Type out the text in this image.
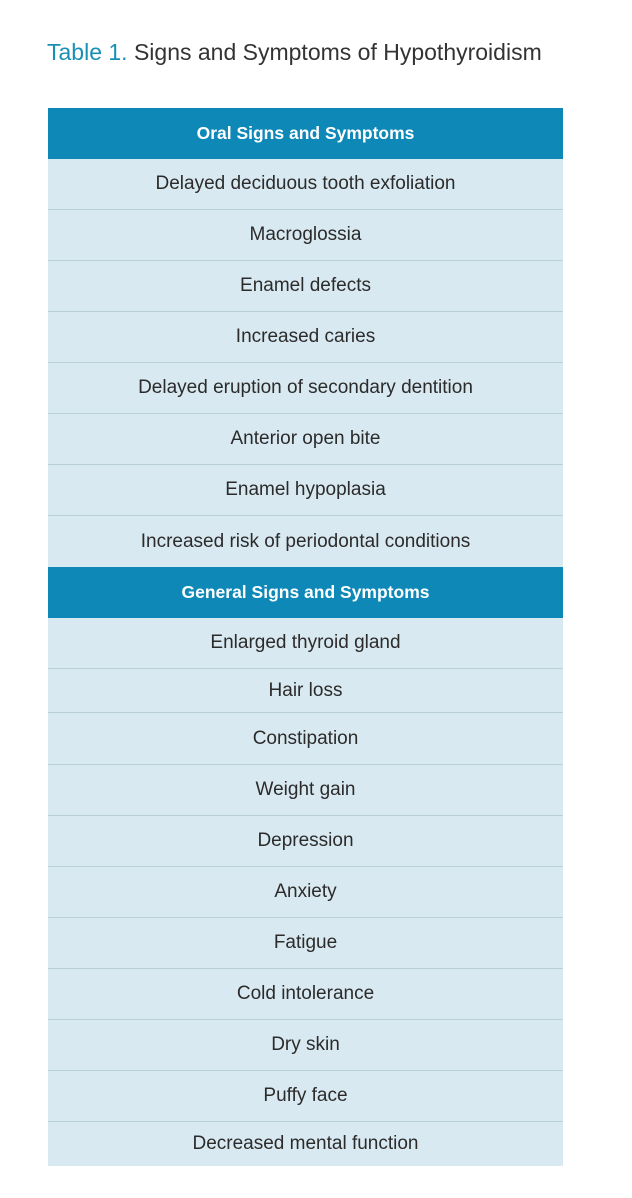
Table 1. Signs and Symptoms of Hypothyroidism
Oral Signs and Symptoms
Delayed deciduous tooth exfoliation
Macroglossia
Enamel defects
Increased caries
Delayed eruption of secondary dentition
Anterior open bite
Enamel hypoplasia
Increased risk of periodontal conditions
General Signs and Symptoms
Enlarged thyroid gland
Hair loss
Constipation
Weight gain
Depression
Anxiety
Fatigue
Cold intolerance
Dry skin
Puffy face
Decreased mental function
